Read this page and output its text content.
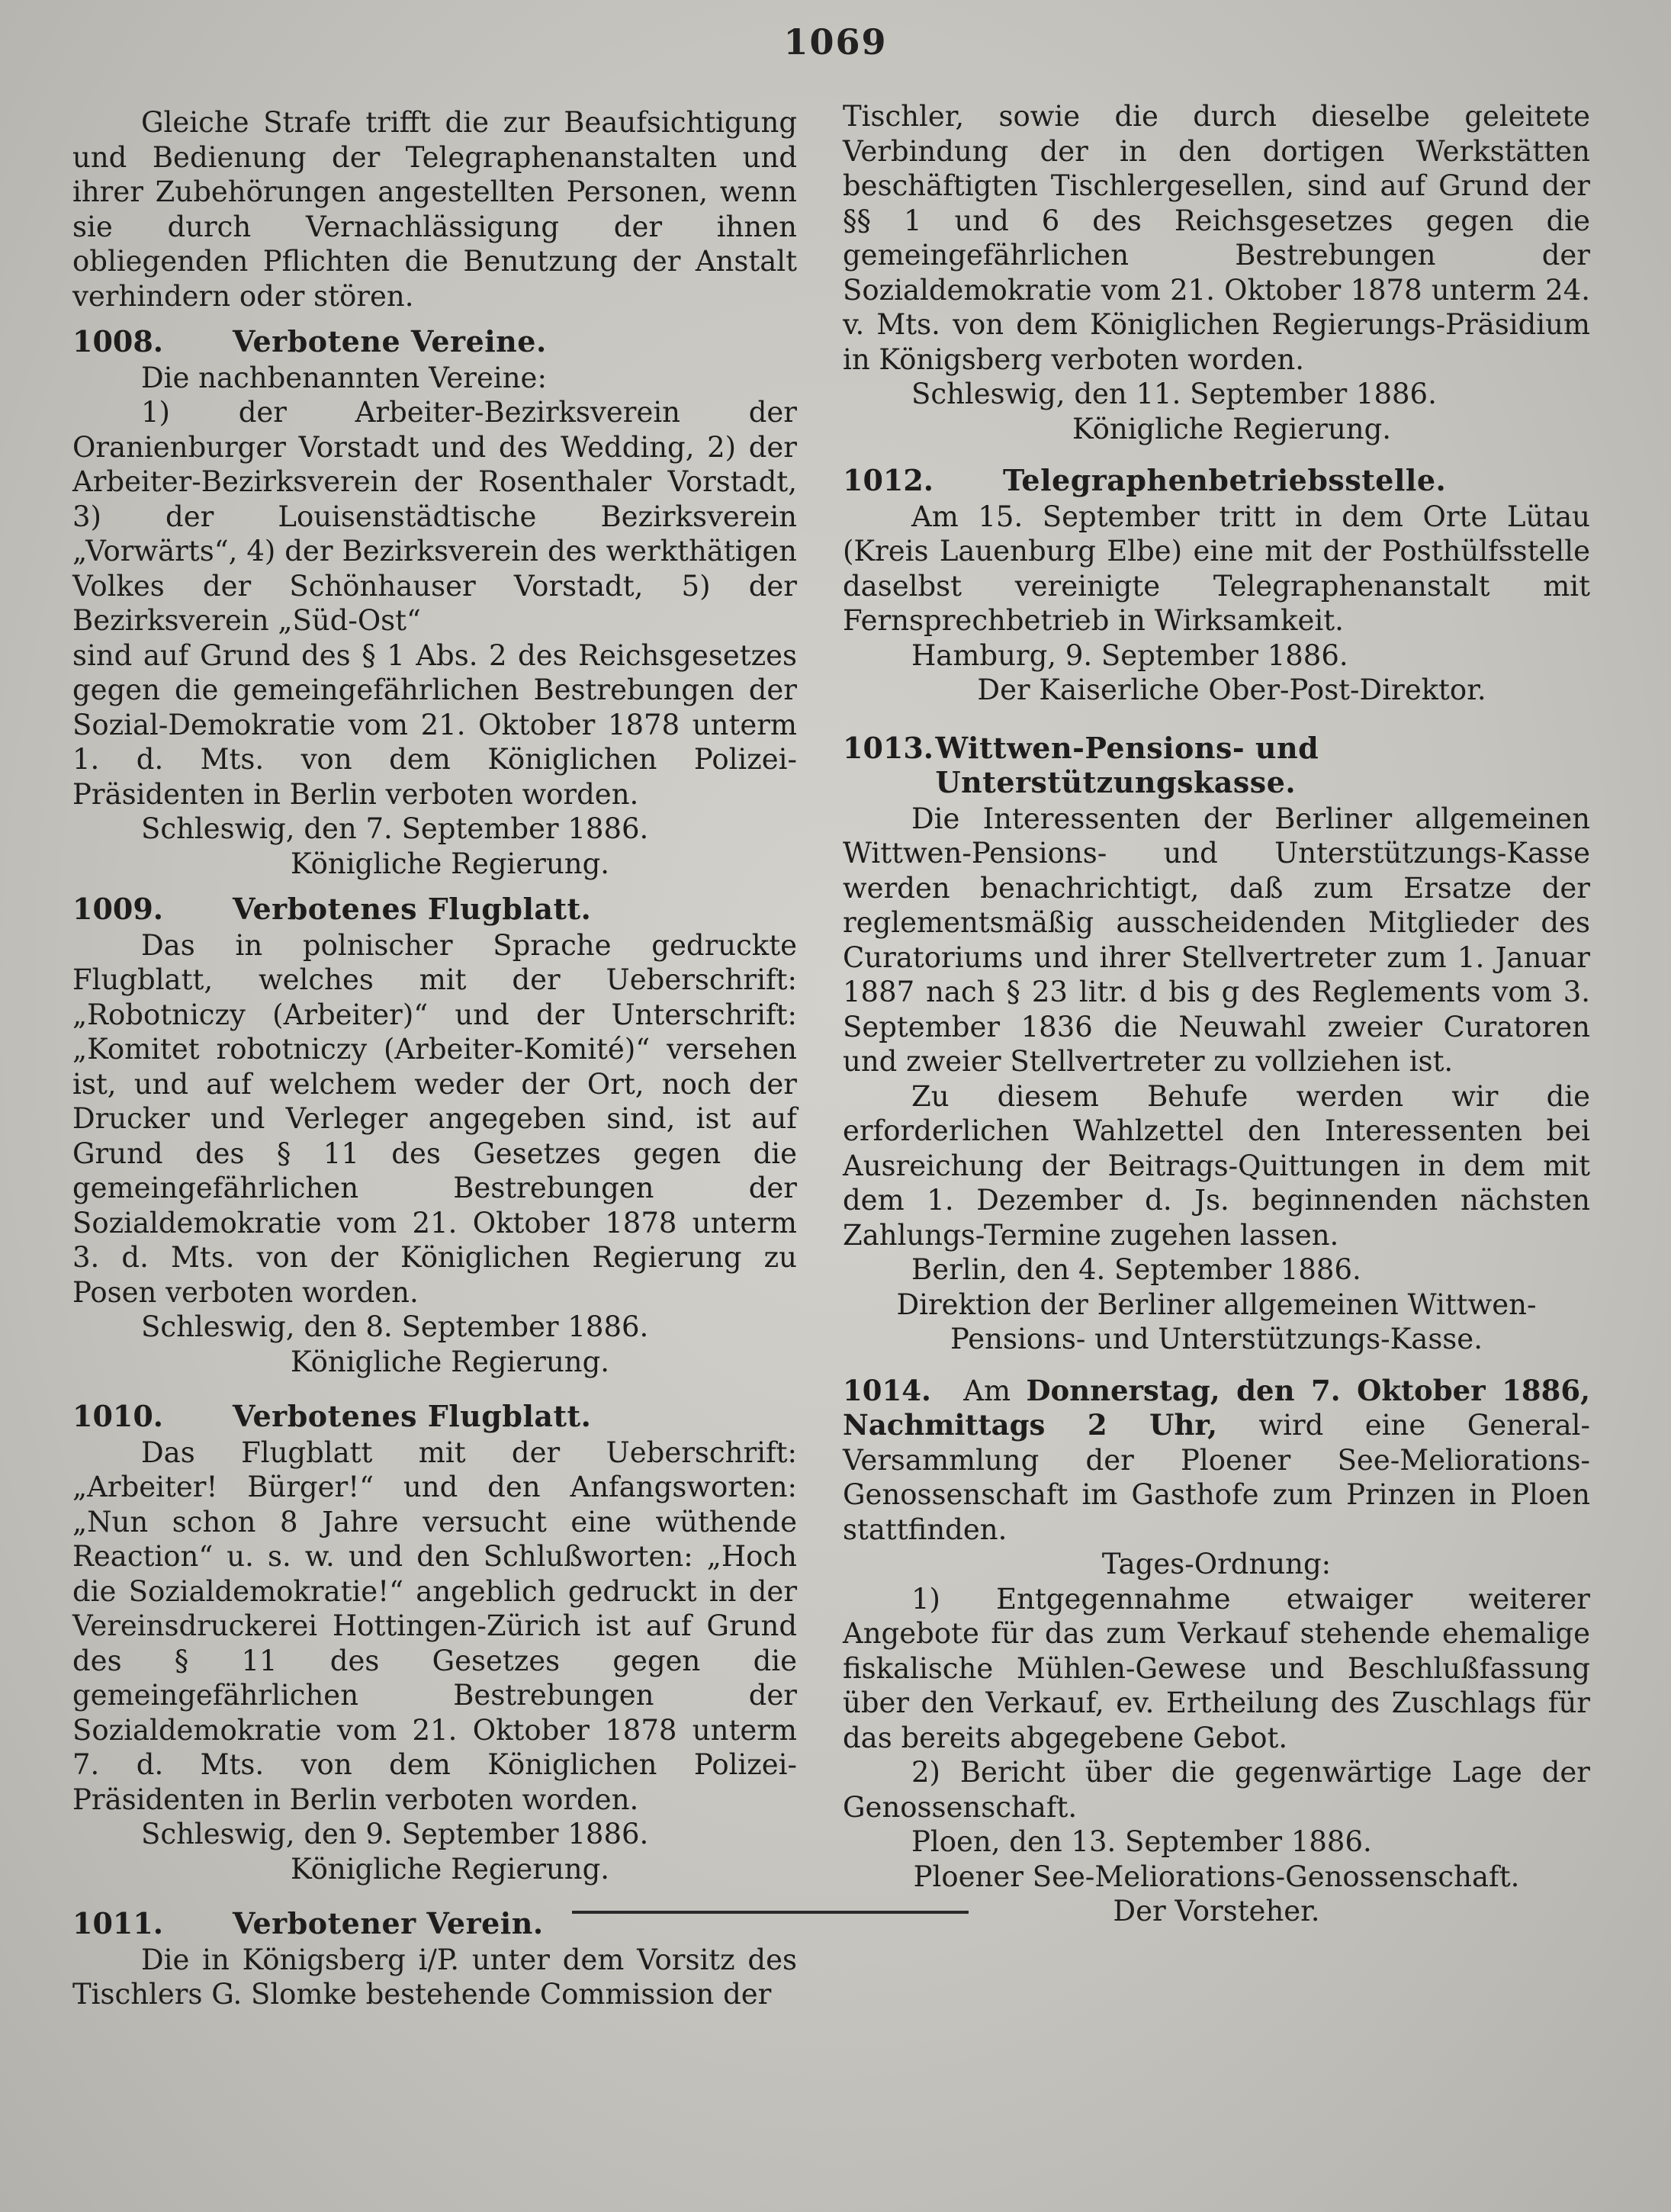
1069

Gleiche Strafe trifft die zur Beaufsichtigung und Bedienung der Telegraphenanstalten und ihrer Zubehörungen angestellten Personen, wenn sie durch Vernachlässigung der ihnen obliegenden Pflichten die Benutzung der Anstalt verhindern oder stören.

1008.	Verbotene Vereine.

Die nachbenannten Vereine:

1) der Arbeiter-Bezirksverein der Oranienburger Vorstadt und des Wedding, 2) der Arbeiter-Bezirksverein der Rosenthaler Vorstadt, 3) der Louisenstädtische Bezirksverein „Vorwärts“, 4) der Bezirksverein des werkthätigen Volkes der Schönhauser Vorstadt, 5) der Bezirksverein „Süd-Ost“

sind auf Grund des § 1 Abs. 2 des Reichsgesetzes gegen die gemeingefährlichen Bestrebungen der Sozial-Demokratie vom 21. Oktober 1878 unterm 1. d. Mts. von dem Königlichen Polizei-Präsidenten in Berlin verboten worden.

Schleswig, den 7. September 1886.

Königliche Regierung.

1009.	Verbotenes Flugblatt.

Das in polnischer Sprache gedruckte Flugblatt, welches mit der Ueberschrift: „Robotniczy (Arbeiter)“ und der Unterschrift: „Komitet robotniczy (Arbeiter-Komité)“ versehen ist, und auf welchem weder der Ort, noch der Drucker und Verleger angegeben sind, ist auf Grund des § 11 des Gesetzes gegen die gemeingefährlichen Bestrebungen der Sozialdemokratie vom 21. Oktober 1878 unterm 3. d. Mts. von der Königlichen Regierung zu Posen verboten worden.

Schleswig, den 8. September 1886.

Königliche Regierung.

1010.	Verbotenes Flugblatt.

Das Flugblatt mit der Ueberschrift: „Arbeiter! Bürger!“ und den Anfangsworten: „Nun schon 8 Jahre versucht eine wüthende Reaction“ u. s. w. und den Schlußworten: „Hoch die Sozialdemokratie!“ angeblich gedruckt in der Vereinsdruckerei Hottingen-Zürich ist auf Grund des § 11 des Gesetzes gegen die gemeingefährlichen Bestrebungen der Sozialdemokratie vom 21. Oktober 1878 unterm 7. d. Mts. von dem Königlichen Polizei-Präsidenten in Berlin verboten worden.

Schleswig, den 9. September 1886.

Königliche Regierung.

1011.	Verbotener Verein.

Die in Königsberg i/P. unter dem Vorsitz des Tischlers G. Slomke bestehende Commission der

Tischler, sowie die durch dieselbe geleitete Verbindung der in den dortigen Werkstätten beschäftigten Tischlergesellen, sind auf Grund der §§ 1 und 6 des Reichsgesetzes gegen die gemeingefährlichen Bestrebungen der Sozialdemokratie vom 21. Oktober 1878 unterm 24. v. Mts. von dem Königlichen Regierungs-Präsidium in Königsberg verboten worden.

Schleswig, den 11. September 1886.

Königliche Regierung.

1012.	Telegraphenbetriebsstelle.

Am 15. September tritt in dem Orte Lütau (Kreis Lauenburg Elbe) eine mit der Posthülfsstelle daselbst vereinigte Telegraphenanstalt mit Fernsprechbetrieb in Wirksamkeit.

Hamburg, 9. September 1886.

Der Kaiserliche Ober-Post-Direktor.

1013. Wittwen-Pensions- und Unterstützungskasse.

Die Interessenten der Berliner allgemeinen Wittwen-Pensions- und Unterstützungs-Kasse werden benachrichtigt, daß zum Ersatze der reglementsmäßig ausscheidenden Mitglieder des Curatoriums und ihrer Stellvertreter zum 1. Januar 1887 nach § 23 litr. d bis g des Reglements vom 3. September 1836 die Neuwahl zweier Curatoren und zweier Stellvertreter zu vollziehen ist.

Zu diesem Behufe werden wir die erforderlichen Wahlzettel den Interessenten bei Ausreichung der Beitrags-Quittungen in dem mit dem 1. Dezember d. Js. beginnenden nächsten Zahlungs-Termine zugehen lassen.

Berlin, den 4. September 1886.

Direktion der Berliner allgemeinen Wittwen-Pensions- und Unterstützungs-Kasse.

1014. Am Donnerstag, den 7. Oktober 1886, Nachmittags 2 Uhr, wird eine General-Versammlung der Ploener See-Meliorations-Genossenschaft im Gasthofe zum Prinzen in Ploen stattfinden.

Tages-Ordnung:

1) Entgegennahme etwaiger weiterer Angebote für das zum Verkauf stehende ehemalige fiskalische Mühlen-Gewese und Beschlußfassung über den Verkauf, ev. Ertheilung des Zuschlags für das bereits abgegebene Gebot.

2) Bericht über die gegenwärtige Lage der Genossenschaft.

Ploen, den 13. September 1886.

Ploener See-Meliorations-Genossenschaft.

Der Vorsteher.
